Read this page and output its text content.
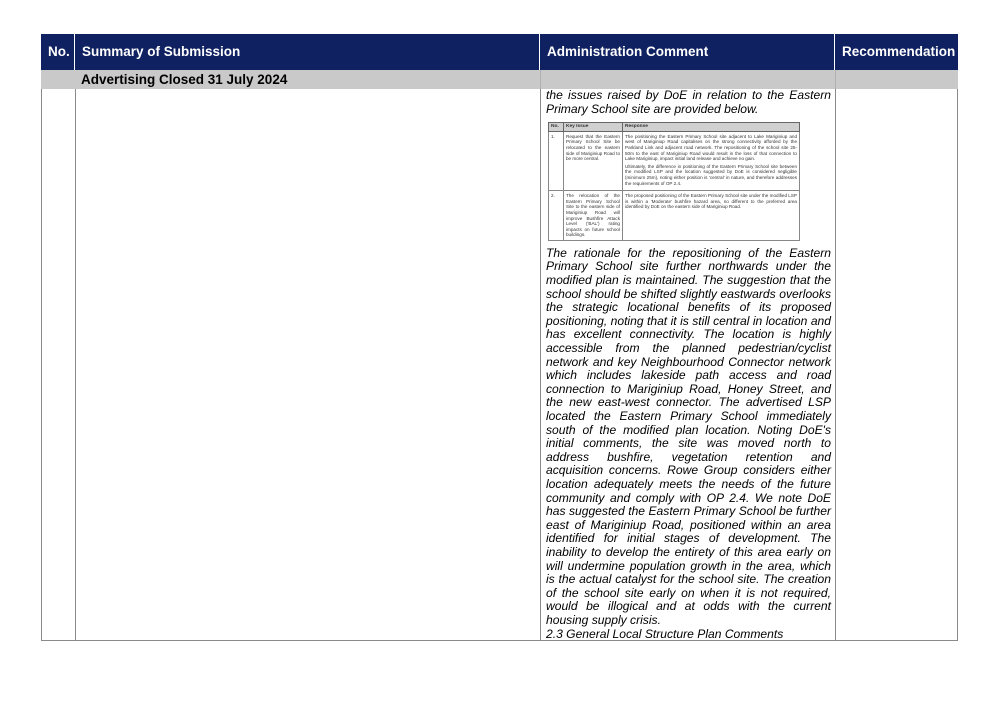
No. Summary of Submission	Administration Comment	Recommendation
Advertising Closed 31 July 2024

the issues raised by DoE in relation to the Eastern Primary School site are provided below.

No.	Key Issue	Response
1.	Request that the Eastern Primary School Site be relocated to the eastern side of Mariginiup Road to be more central.	The positioning the Eastern Primary School site adjacent to Lake Mariginiup and west of Mariginiup Road capitalises on the strong connectivity afforded by the Parkland Link and adjacent road network. The repositioning of the school site 25-50m to the east of Mariginiup Road would result in the loss of that connection to Lake Mariginiup, impact initial land release and achieve no gain.

Ultimately, the difference in positioning of the Eastern Primary School site between the modified LSP and the location suggested by DoE is considered negligible (minimum 25m), noting either position is 'central' in nature, and therefore addresses the requirements of OP 2.4.

2.	The relocation of the Eastern Primary School Site to the eastern side of Mariginiup Road will improve Bushfire Attack Level ('BAL') rating impacts on future school buildings.	The proposed positioning of the Eastern Primary School site under the modified LSP is within a 'Moderate' bushfire hazard area, no different to the preferred area identified by DoE on the eastern side of Mariginiup Road.

The rationale for the repositioning of the Eastern Primary School site further northwards under the modified plan is maintained. The suggestion that the school should be shifted slightly eastwards overlooks the strategic locational benefits of its proposed positioning, noting that it is still central in location and has excellent connectivity. The location is highly accessible from the planned pedestrian/cyclist network and key Neighbourhood Connector network which includes lakeside path access and road connection to Mariginiup Road, Honey Street, and the new east-west connector. The advertised LSP located the Eastern Primary School immediately south of the modified plan location. Noting DoE's initial comments, the site was moved north to address bushfire, vegetation retention and acquisition concerns. Rowe Group considers either location adequately meets the needs of the future community and comply with OP 2.4. We note DoE has suggested the Eastern Primary School be further east of Mariginiup Road, positioned within an area identified for initial stages of development. The inability to develop the entirety of this area early on will undermine population growth in the area, which is the actual catalyst for the school site. The creation of the school site early on when it is not required, would be illogical and at odds with the current housing supply crisis.

2.3 General Local Structure Plan Comments
